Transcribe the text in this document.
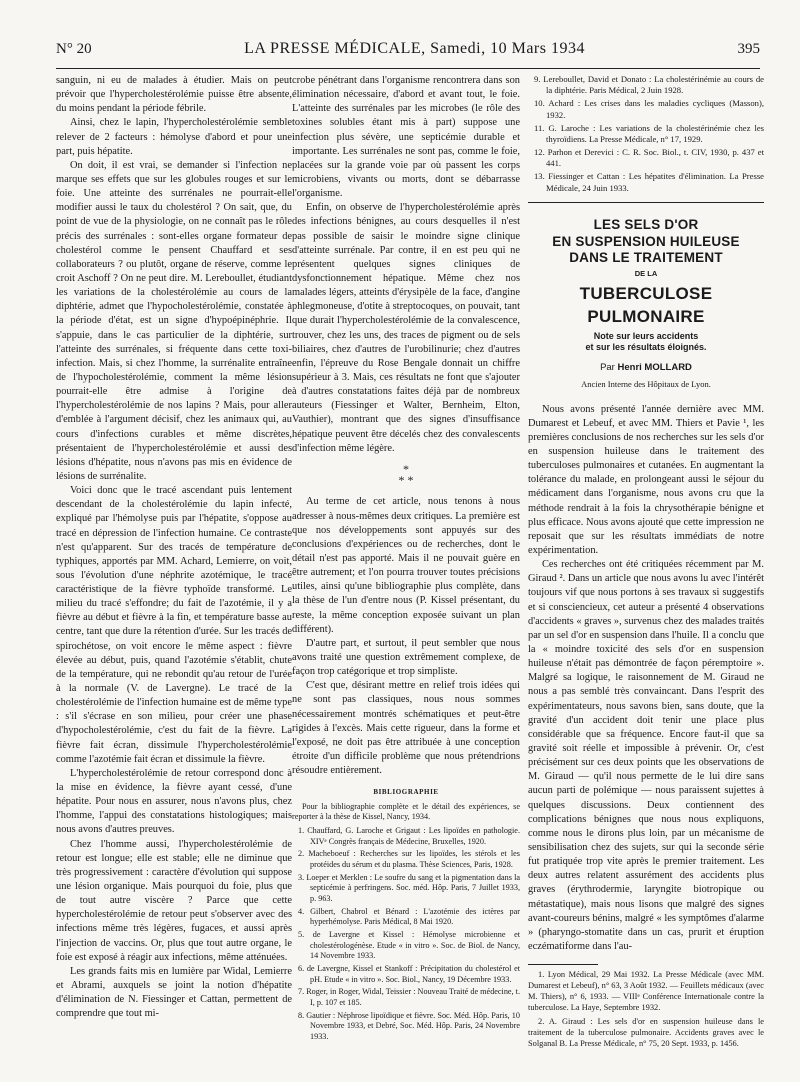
N° 20	LA PRESSE MÉDICALE, Samedi, 10 Mars 1934	395

sanguin, ni eu de malades à étudier. Mais on peut prévoir que l'hypercholestérolémie puisse être absente, du moins pendant la période fébrile.

Ainsi, chez le lapin, l'hypercholestérolémie semble relever de 2 facteurs : hémolyse d'abord et pour une part, puis hépatite.

On doit, il est vrai, se demander si l'infection ne marque ses effets que sur les globules rouges et sur le foie. Une atteinte des surrénales ne pourrait-elle modifier aussi le taux du cholestérol ? On sait, que, du point de vue de la physiologie, on ne connaît pas le rôle précis des surrénales : sont-elles organe formateur de cholestérol comme le pensent Chauffard et ses collaborateurs ? ou plutôt, organe de réserve, comme le croit Aschoff ? On ne peut dire. M. Lereboullet, étudiant les variations de la cholestérolémie au cours de la diphtérie, admet que l'hypocholestérolémie, constatée à la période d'état, est un signe d'hypoépinéphrie. Il s'appuie, dans le cas particulier de la diphtérie, sur l'atteinte des surrénales, si fréquente dans cette toxi-infection. Mais, si chez l'homme, la surrénalite entraîne de l'hypocholestérolémie, comment la même lésion pourrait-elle être admise à l'origine de l'hypercholestérolémie de nos lapins ? Mais, pour aller d'emblée à l'argument décisif, chez les animaux qui, au cours d'infections curables et même discrètes, présentaient de l'hypercholestérolémie et aussi des lésions d'hépatite, nous n'avons pas mis en évidence de lésions de surrénalite.

Voici donc que le tracé ascendant puis lentement descendant de la cholestérolémie du lapin infecté, expliqué par l'hémolyse puis par l'hépatite, s'oppose au tracé en dépression de l'infection humaine. Ce contraste n'est qu'apparent. Sur des tracés de température de typhiques, apportés par MM. Achard, Lemierre, on voit, sous l'évolution d'une néphrite azotémique, le tracé caractéristique de la fièvre typhoïde transformé. Le milieu du tracé s'effondre; du fait de l'azotémie, il y a fièvre au début et fièvre à la fin, et température basse au centre, tant que dure la rétention d'urée. Sur les tracés de spirochétose, on voit encore le même aspect : fièvre élevée au début, puis, quand l'azotémie s'établit, chute de la température, qui ne rebondit qu'au retour de l'urée à la normale (V. de Lavergne). Le tracé de la cholestérolémie de l'infection humaine est de même type : s'il s'écrase en son milieu, pour créer une phase d'hypocholestérolémie, c'est du fait de la fièvre. La fièvre fait écran, dissimule l'hypercholestérolémie comme l'azotémie fait écran et dissimule la fièvre.

L'hypercholestérolémie de retour correspond donc à la mise en évidence, la fièvre ayant cessé, d'une hépatite. Pour nous en assurer, nous n'avons plus, chez l'homme, l'appui des constatations histologiques; mais nous avons d'autres preuves.

Chez l'homme aussi, l'hypercholestérolémie de retour est longue; elle est stable; elle ne diminue que très progressivement : caractère d'évolution qui suppose une lésion organique. Mais pourquoi du foie, plus que de tout autre viscère ? Parce que cette hypercholestérolémie de retour peut s'observer avec des infections même très légères, fugaces, et aussi après l'injection de vaccins. Or, plus que tout autre organe, le foie est exposé à réagir aux infections, même atténuées.

Les grands faits mis en lumière par Widal, Lemierre et Abrami, auxquels se joint la notion d'hépatite d'élimination de N. Fiessinger et Cattan, permettent de comprendre que tout mi-

crobe pénétrant dans l'organisme rencontrera dans son élimination nécessaire, d'abord et avant tout, le foie. L'atteinte des surrénales par les microbes (le rôle des toxines solubles étant mis à part) suppose une infection plus sévère, une septicémie durable et importante. Les surrénales ne sont pas, comme le foie, placées sur la grande voie par où passent les corps microbiens, vivants ou morts, dont se débarrasse l'organisme.

Enfin, on observe de l'hypercholestérolémie après des infections bénignes, au cours desquelles il n'est pas possible de saisir le moindre signe clinique d'atteinte surrénale. Par contre, il en est peu qui ne présentent quelques signes cliniques de dysfonctionnement hépatique. Même chez nos malades légers, atteints d'érysipèle de la face, d'angine phlegmoneuse, d'otite à streptocoques, on pouvait, tant que durait l'hypercholestérolémie de la convalescence, trouver, chez les uns, des traces de pigment ou de sels biliaires, chez d'autres de l'urobilinurie; chez d'autres enfin, l'épreuve du Rose Bengale donnait un chiffre supérieur à 3. Mais, ces résultats ne font que s'ajouter à d'autres constatations faites déjà par de nombreux auteurs (Fiessinger et Walter, Bernheim, Elton, Vauthier), montrant que des signes d'insuffisance hépatique peuvent être décelés chez des convalescents d'infection même légère.

*
* *

Au terme de cet article, nous tenons à nous adresser à nous-mêmes deux critiques. La première est que nos développements sont appuyés sur des conclusions d'expériences ou de recherches, dont le détail n'est pas apporté. Mais il ne pouvait guère en être autrement; et l'on pourra trouver toutes précisions utiles, ainsi qu'une bibliographie plus complète, dans la thèse de l'un d'entre nous (P. Kissel présentant, du reste, la même conception exposée suivant un plan différent).

D'autre part, et surtout, il peut sembler que nous avons traité une question extrêmement complexe, de façon trop catégorique et trop simpliste.

C'est que, désirant mettre en relief trois idées qui ne sont pas classiques, nous nous sommes nécessairement montrés schématiques et peut-être rigides à l'excès. Mais cette rigueur, dans la forme et l'exposé, ne doit pas être attribuée à une conception étroite d'un difficile problème que nous prétendrions résoudre entièrement.

BIBLIOGRAPHIE
Pour la bibliographie complète et le détail des expériences, se reporter à la thèse de Kissel, Nancy, 1934.
1. Chauffard, G. Laroche et Grigaut : Les lipoïdes en pathologie. XIVᵉ Congrès français de Médecine, Bruxelles, 1920.
2. Macheboeuf : Recherches sur les lipoïdes, les stérols et les protéides du sérum et du plasma. Thèse Sciences, Paris, 1928.
3. Loeper et Merklen : Le soufre du sang et la pigmentation dans la septicémie à perfringens. Soc. méd. Hôp. Paris, 7 Juillet 1933, p. 963.
4. Gilbert, Chabrol et Bénard : L'azotémie des ictères par hyperhémolyse. Paris Médical, 8 Mai 1920.
5. de Lavergne et Kissel : Hémolyse microbienne et cholestérologénèse. Etude « in vitro ». Soc. de Biol. de Nancy, 14 Novembre 1933.
6. de Lavergne, Kissel et Stankoff : Précipitation du cholestérol et pH. Etude « in vitro ». Soc. Biol., Nancy, 19 Décembre 1933.
7. Roger, in Roger, Widal, Teissier : Nouveau Traité de médecine, t. I, p. 107 et 185.
8. Gautier : Néphrose lipoïdique et fièvre. Soc. Méd. Hôp. Paris, 10 Novembre 1933, et Debré, Soc. Méd. Hôp. Paris, 24 Novembre 1933.
9. Lereboullet, David et Donato : La cholestérinémie au cours de la diphtérie. Paris Médical, 2 Juin 1928.
10. Achard : Les crises dans les maladies cycliques (Masson), 1932.
11. G. Laroche : Les variations de la cholestérinémie chez les thyroïdiens. La Presse Médicale, n° 17, 1929.
12. Parhon et Derevici : C. R. Soc. Biol., t. CIV, 1930, p. 437 et 441.
13. Fiessinger et Cattan : Les hépatites d'élimination. La Presse Médicale, 24 Juin 1933.
LES SELS D'OR
EN SUSPENSION HUILEUSE
DANS LE TRAITEMENT
DE LA
TUBERCULOSE PULMONAIRE
Note sur leurs accidents
et sur les résultats éloignés.
Par Henri MOLLARD
Ancien Interne des Hôpitaux de Lyon.

Nous avons présenté l'année dernière avec MM. Dumarest et Lebeuf, et avec MM. Thiers et Pavie ¹, les premières conclusions de nos recherches sur les sels d'or en suspension huileuse dans le traitement des tuberculoses pulmonaires et cutanées. En augmentant la tolérance du malade, en prolongeant aussi le séjour du médicament dans l'organisme, nous avons cru que la méthode rendrait à la fois la chrysothérapie bénigne et plus efficace. Nous avons ajouté que cette impression ne reposait que sur les résultats immédiats de notre expérimentation.

Ces recherches ont été critiquées récemment par M. Giraud ². Dans un article que nous avons lu avec l'intérêt toujours vif que nous portons à ses travaux si suggestifs et si consciencieux, cet auteur a présenté 4 observations d'accidents « graves », survenus chez des malades traités par un sel d'or en suspension dans l'huile. Il a conclu que la « moindre toxicité des sels d'or en suspension huileuse n'était pas démontrée de façon péremptoire ». Malgré sa logique, le raisonnement de M. Giraud ne nous a pas semblé très convaincant. Dans l'esprit des expérimentateurs, nous savons bien, sans doute, que la gravité d'un accident doit tenir une place plus considérable que sa fréquence. Encore faut-il que sa gravité soit réelle et impossible à prévenir. Or, c'est précisément sur ces deux points que les observations de M. Giraud — qu'il nous permette de le lui dire sans aucun parti de polémique — nous paraissent sujettes à quelques discussions. Deux contiennent des complications bénignes que nous nous expliquons, comme nous le dirons plus loin, par un mécanisme de sensibilisation chez des sujets, sur qui la seconde série fut pratiquée trop vite après le premier traitement. Les deux autres relatent assurément des accidents plus graves (érythrodermie, laryngite biotropique ou métastatique), mais nous lisons que malgré des signes avant-coureurs bénins, malgré « les symptômes d'alarme » (pharyngo-stomatite dans un cas, prurit et éruption eczématiforme dans l'au-

1. Lyon Médical, 29 Mai 1932. La Presse Médicale (avec MM. Dumarest et Lebeuf), n° 63, 3 Août 1932. — Feuillets médicaux (avec M. Thiers), n° 6, 1933. — VIIIᵉ Conférence Internationale contre la tuberculose. La Haye, Septembre 1932.
2. A. Giraud : Les sels d'or en suspension huileuse dans le traitement de la tuberculose pulmonaire. Accidents graves avec le Solganal B. La Presse Médicale, n° 75, 20 Sept. 1933, p. 1456.
